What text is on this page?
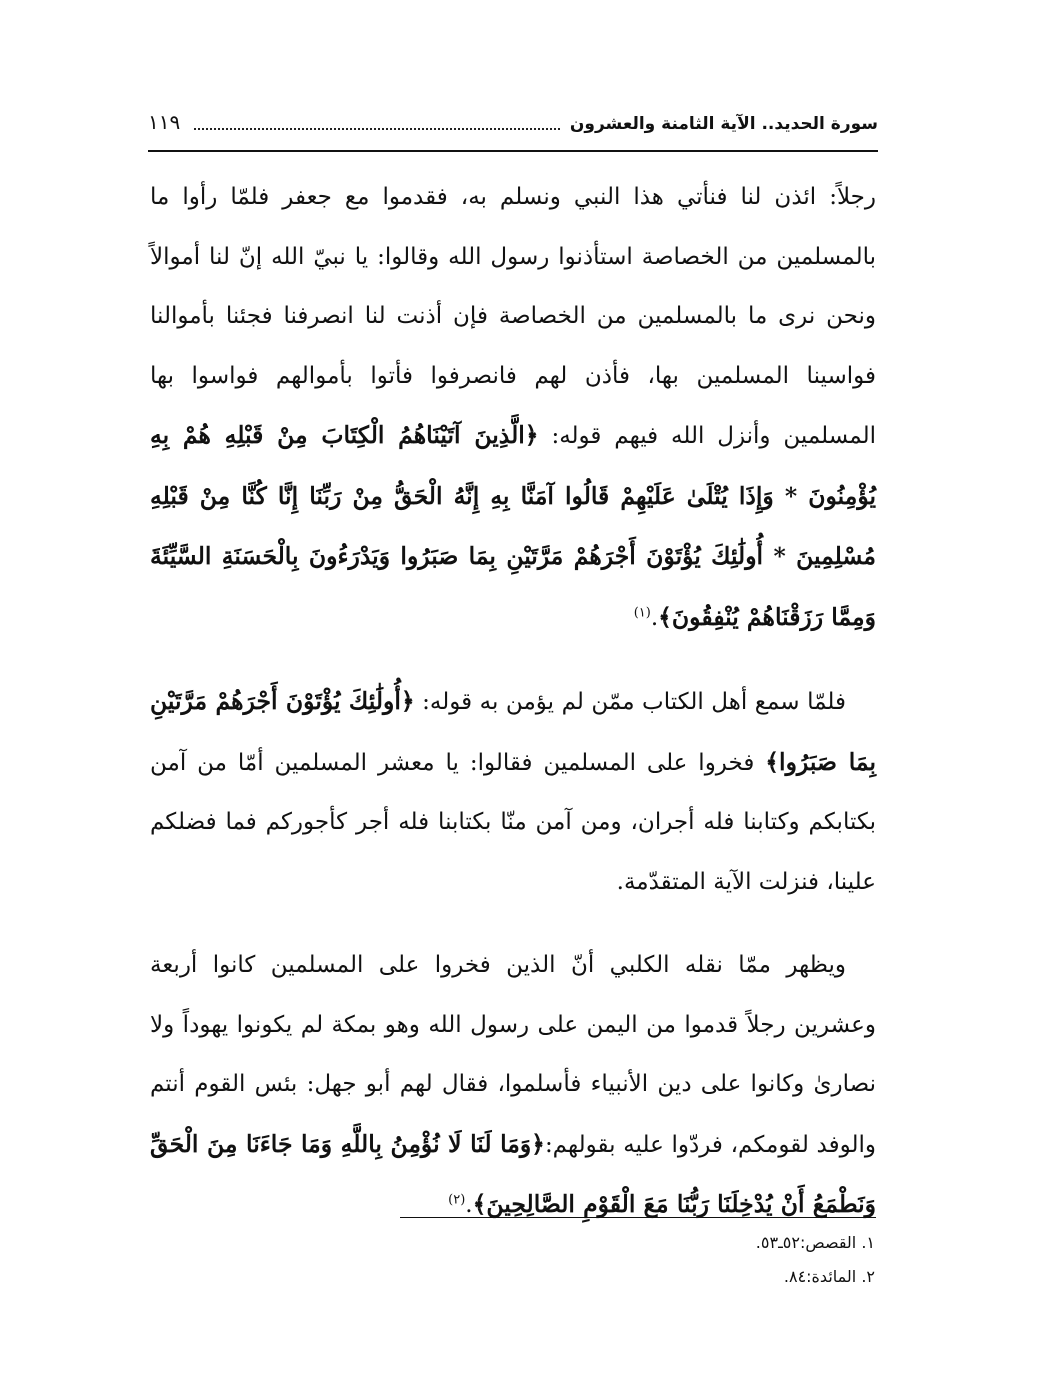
١١٩	سورة الحديد.. الآية الثامنة والعشرون

رجلاً: ائذن لنا فنأتي هذا النبي ونسلم به، فقدموا مع جعفر فلمّا رأوا ما بالمسلمين من الخصاصة استأذنوا رسول الله وقالوا: يا نبيّ الله إنّ لنا أموالاً ونحن نرى ما بالمسلمين من الخصاصة فإن أذنت لنا انصرفنا فجئنا بأموالنا فواسينا المسلمين بها، فأذن لهم فانصرفوا فأتوا بأموالهم فواسوا بها المسلمين وأنزل الله فيهم قوله: ﴿الَّذِينَ آتَيْنَاهُمُ الْكِتَابَ مِنْ قَبْلِهِ هُمْ بِهِ يُؤْمِنُونَ * وَإِذَا يُتْلَىٰ عَلَيْهِمْ قَالُوا آمَنَّا بِهِ إِنَّهُ الْحَقُّ مِنْ رَبِّنَا إِنَّا كُنَّا مِنْ قَبْلِهِ مُسْلِمِينَ * أُولَٰئِكَ يُؤْتَوْنَ أَجْرَهُمْ مَرَّتَيْنِ بِمَا صَبَرُوا وَيَدْرَءُونَ بِالْحَسَنَةِ السَّيِّئَةَ وَمِمَّا رَزَقْنَاهُمْ يُنْفِقُونَ﴾.$^{(١)}$

فلمّا سمع أهل الكتاب ممّن لم يؤمن به قوله: ﴿أُولَٰئِكَ يُؤْتَوْنَ أَجْرَهُمْ مَرَّتَيْنِ بِمَا صَبَرُوا﴾ فخروا على المسلمين فقالوا: يا معشر المسلمين أمّا من آمن بكتابكم وكتابنا فله أجران، ومن آمن منّا بكتابنا فله أجر كأجوركم فما فضلكم علينا، فنزلت الآية المتقدّمة.

ويظهر ممّا نقله الكلبي أنّ الذين فخروا على المسلمين كانوا أربعة وعشرين رجلاً قدموا من اليمن على رسول الله وهو بمكة لم يكونوا يهوداً ولا نصارىٰ وكانوا على دين الأنبياء فأسلموا، فقال لهم أبو جهل: بئس القوم أنتم والوفد لقومكم، فردّوا عليه بقولهم:﴿وَمَا لَنَا لَا نُؤْمِنُ بِاللَّهِ وَمَا جَاءَنَا مِنَ الْحَقِّ وَنَطْمَعُ أَنْ يُدْخِلَنَا رَبُّنَا مَعَ الْقَوْمِ الصَّالِحِينَ﴾.$^{(٢)}$

١. القصص:٥٢ـ٥٣.
٢. المائدة:٨٤.
